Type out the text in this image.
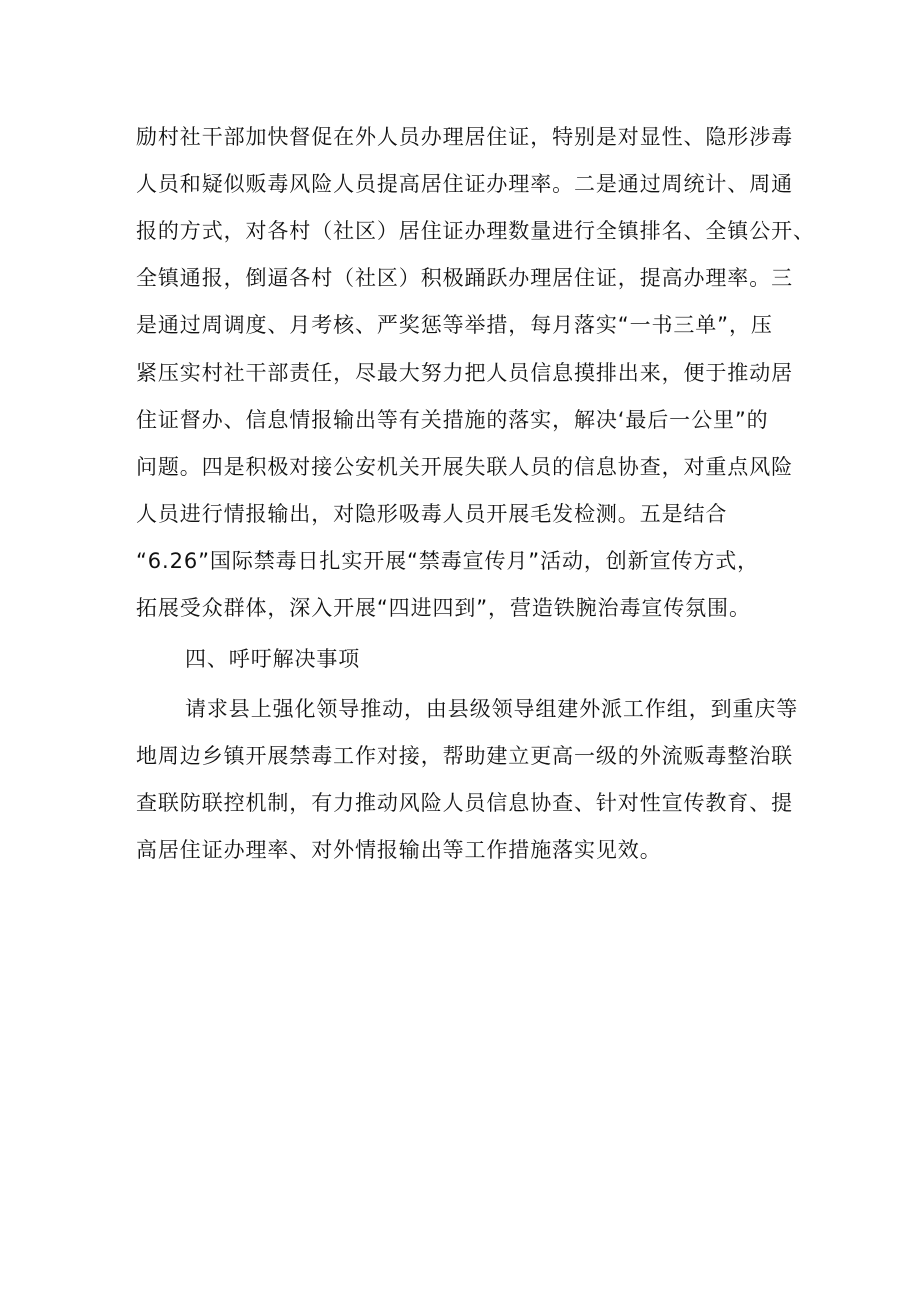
励村社干部加快督促在外人员办理居住证，特别是对显性、隐形涉毒
人员和疑似贩毒风险人员提高居住证办理率。二是通过周统计、周通
报的方式，对各村（社区）居住证办理数量进行全镇排名、全镇公开、
全镇通报，倒逼各村（社区）积极踊跃办理居住证，提高办理率。三
是通过周调度、月考核、严奖惩等举措，每月落实“一书三单”，压
紧压实村社干部责任，尽最大努力把人员信息摸排出来，便于推动居
住证督办、信息情报输出等有关措施的落实，解决‘最后一公里”的
问题。四是积极对接公安机关开展失联人员的信息协查，对重点风险
人员进行情报输出，对隐形吸毒人员开展毛发检测。五是结合
“6.26”国际禁毒日扎实开展“禁毒宣传月”活动，创新宣传方式，
拓展受众群体，深入开展“四进四到”，营造铁腕治毒宣传氛围。
四、呼吁解决事项
请求县上强化领导推动，由县级领导组建外派工作组，到重庆等
地周边乡镇开展禁毒工作对接，帮助建立更高一级的外流贩毒整治联
查联防联控机制，有力推动风险人员信息协查、针对性宣传教育、提
高居住证办理率、对外情报输出等工作措施落实见效。
